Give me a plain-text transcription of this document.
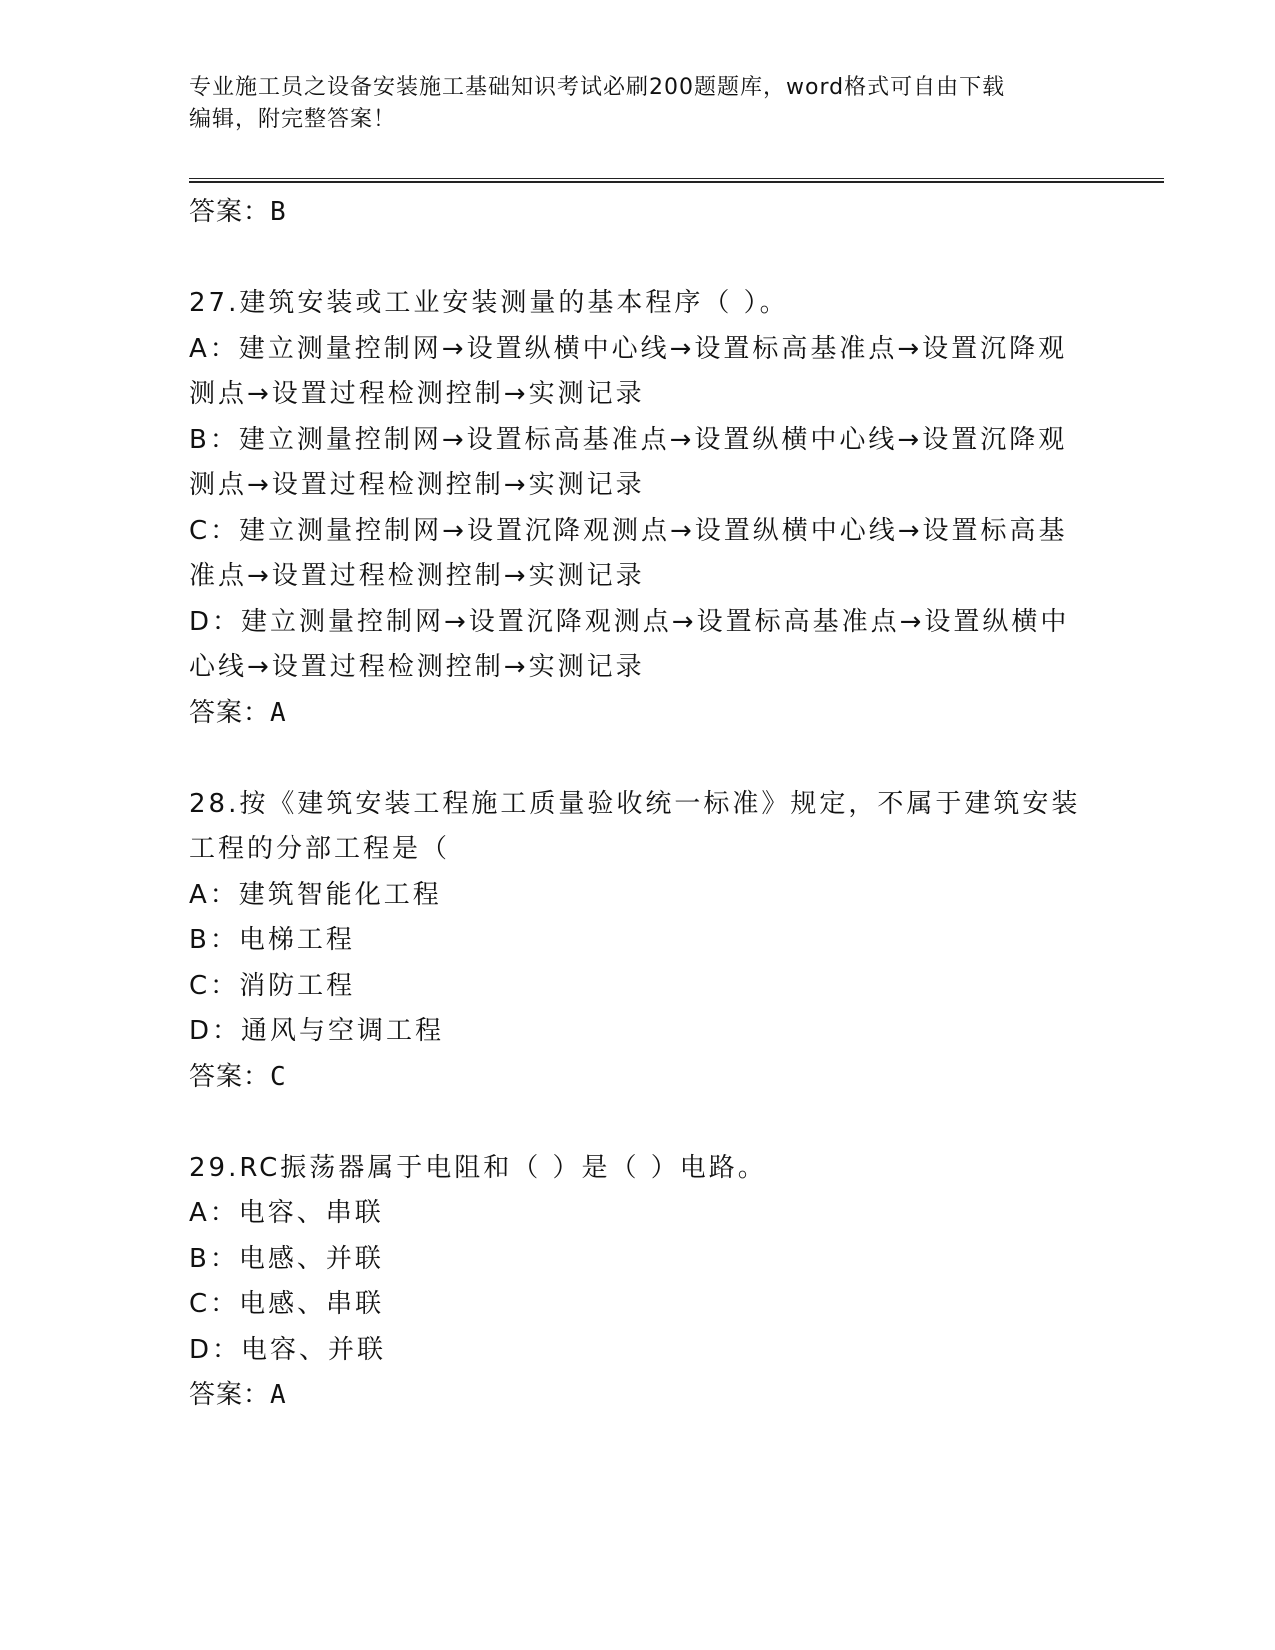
专业施工员之设备安装施工基础知识考试必刷200题题库，word格式可自由下载
编辑，附完整答案！
答案：B
27.建筑安装或工业安装测量的基本程序（ ）。
A：建立测量控制网→设置纵横中心线→设置标高基准点→设置沉降观
测点→设置过程检测控制→实测记录
B：建立测量控制网→设置标高基准点→设置纵横中心线→设置沉降观
测点→设置过程检测控制→实测记录
C：建立测量控制网→设置沉降观测点→设置纵横中心线→设置标高基
准点→设置过程检测控制→实测记录
D：建立测量控制网→设置沉降观测点→设置标高基准点→设置纵横中
心线→设置过程检测控制→实测记录
答案：A
28.按《建筑安装工程施工质量验收统一标准》规定，不属于建筑安装
工程的分部工程是（
A：建筑智能化工程
B：电梯工程
C：消防工程
D：通风与空调工程
答案：C
29.RC振荡器属于电阻和（ ）是（ ）电路。
A：电容、串联
B：电感、并联
C：电感、串联
D：电容、并联
答案：A
